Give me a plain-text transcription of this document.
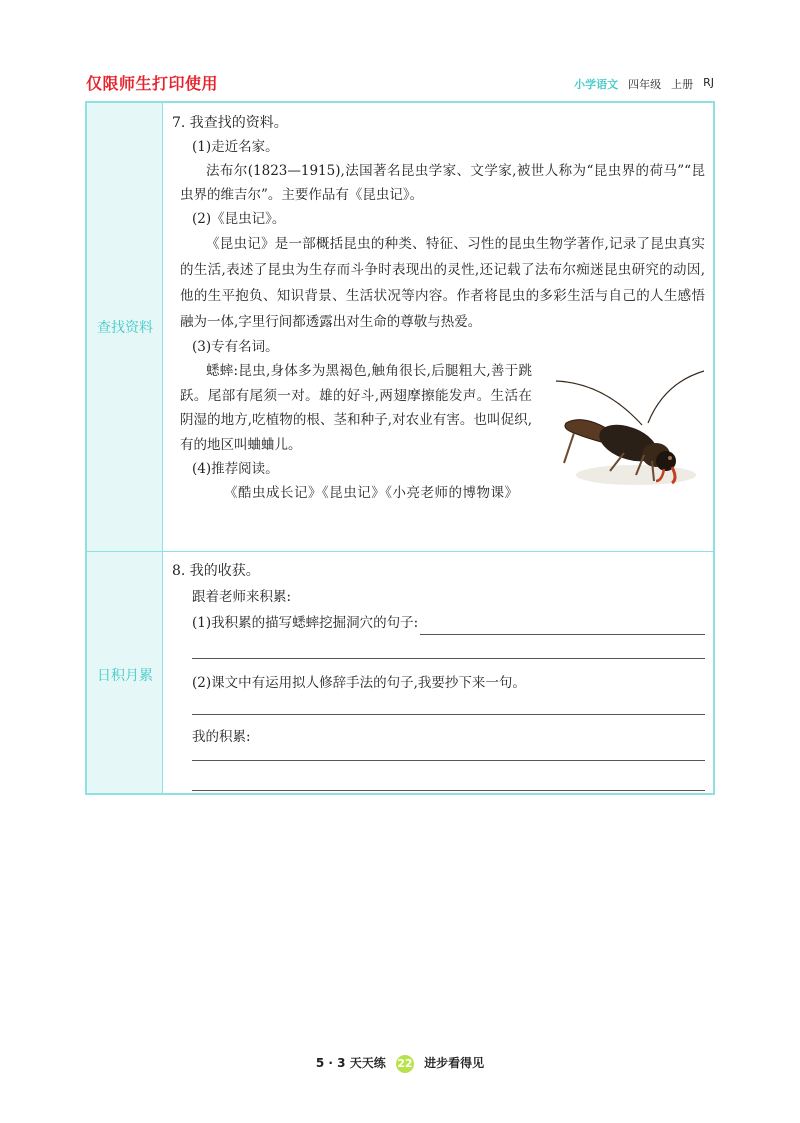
仅限师生打印使用	小学语文 四年级 上册 RJ
查找资料
日积月累
7. 我查找的资料。
(1)走近名家。
法布尔(1823—1915),法国著名昆虫学家、文学家,被世人称为“昆虫界的荷马”“昆虫界的维吉尔”。主要作品有《昆虫记》。
(2)《昆虫记》。
《昆虫记》是一部概括昆虫的种类、特征、习性的昆虫生物学著作,记录了昆虫真实的生活,表述了昆虫为生存而斗争时表现出的灵性,还记载了法布尔痴迷昆虫研究的动因,他的生平抱负、知识背景、生活状况等内容。作者将昆虫的多彩生活与自己的人生感悟融为一体,字里行间都透露出对生命的尊敬与热爱。
(3)专有名词。
蟋蟀:昆虫,身体多为黑褐色,触角很长,后腿粗大,善于跳跃。尾部有尾须一对。雄的好斗,两翅摩擦能发声。生活在阴湿的地方,吃植物的根、茎和种子,对农业有害。也叫促织,有的地区叫蛐蛐儿。
(4)推荐阅读。
《酷虫成长记》《昆虫记》《小亮老师的博物课》
8. 我的收获。
跟着老师来积累:
(1)我积累的描写蟋蟀挖掘洞穴的句子:
(2)课文中有运用拟人修辞手法的句子,我要抄下来一句。
我的积累:
5 · 3 天天练 22 进步看得见
